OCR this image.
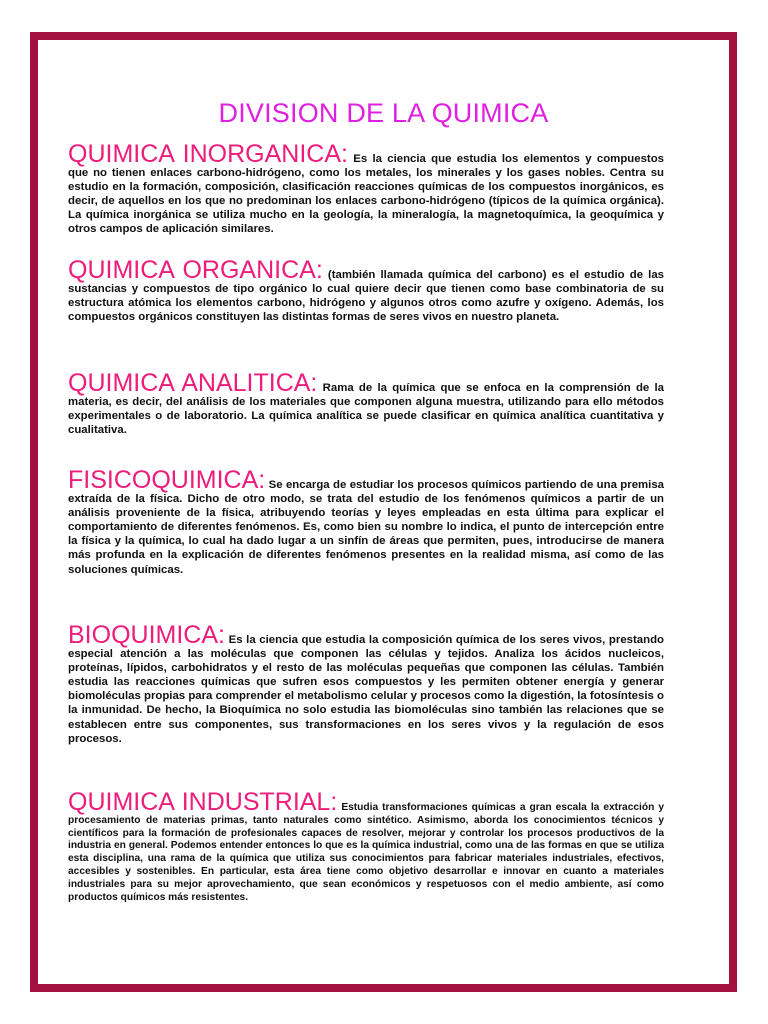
DIVISION DE LA QUIMICA

QUIMICA INORGANICA: Es la ciencia que estudia los elementos y compuestos que no tienen enlaces carbono-hidrógeno, como los metales, los minerales y los gases nobles. Centra su estudio en la formación, composición, clasificación reacciones químicas de los compuestos inorgánicos, es decir, de aquellos en los que no predominan los enlaces carbono-hidrógeno (típicos de la química orgánica). La química inorgánica se utiliza mucho en la geología, la mineralogía, la magnetoquímica, la geoquímica y otros campos de aplicación similares.

QUIMICA ORGANICA: (también llamada química del carbono) es el estudio de las sustancias y compuestos de tipo orgánico lo cual quiere decir que tienen como base combinatoria de su estructura atómica los elementos carbono, hidrógeno y algunos otros como azufre y oxígeno. Además, los compuestos orgánicos constituyen las distintas formas de seres vivos en nuestro planeta.

QUIMICA ANALITICA: Rama de la química que se enfoca en la comprensión de la materia, es decir, del análisis de los materiales que componen alguna muestra, utilizando para ello métodos experimentales o de laboratorio. La química analítica se puede clasificar en química analítica cuantitativa y cualitativa.

FISICOQUIMICA: Se encarga de estudiar los procesos químicos partiendo de una premisa extraída de la física. Dicho de otro modo, se trata del estudio de los fenómenos químicos a partir de un análisis proveniente de la física, atribuyendo teorías y leyes empleadas en esta última para explicar el comportamiento de diferentes fenómenos. Es, como bien su nombre lo indica, el punto de intercepción entre la física y la química, lo cual ha dado lugar a un sinfín de áreas que permiten, pues, introducirse de manera más profunda en la explicación de diferentes fenómenos presentes en la realidad misma, así como de las soluciones químicas.

BIOQUIMICA: Es la ciencia que estudia la composición química de los seres vivos, prestando especial atención a las moléculas que componen las células y tejidos. Analiza los ácidos nucleicos, proteínas, lípidos, carbohidratos y el resto de las moléculas pequeñas que componen las células. También estudia las reacciones químicas que sufren esos compuestos y les permiten obtener energía y generar biomoléculas propias para comprender el metabolismo celular y procesos como la digestión, la fotosíntesis o la inmunidad. De hecho, la Bioquímica no solo estudia las biomoléculas sino también las relaciones que se establecen entre sus componentes, sus transformaciones en los seres vivos y la regulación de esos procesos.

QUIMICA INDUSTRIAL: Estudia transformaciones químicas a gran escala la extracción y procesamiento de materias primas, tanto naturales como sintético. Asimismo, aborda los conocimientos técnicos y científicos para la formación de profesionales capaces de resolver, mejorar y controlar los procesos productivos de la industria en general. Podemos entender entonces lo que es la química industrial, como una de las formas en que se utiliza esta disciplina, una rama de la química que utiliza sus conocimientos para fabricar materiales industriales, efectivos, accesibles y sostenibles. En particular, esta área tiene como objetivo desarrollar e innovar en cuanto a materiales industriales para su mejor aprovechamiento, que sean económicos y respetuosos con el medio ambiente, así como productos químicos más resistentes.
